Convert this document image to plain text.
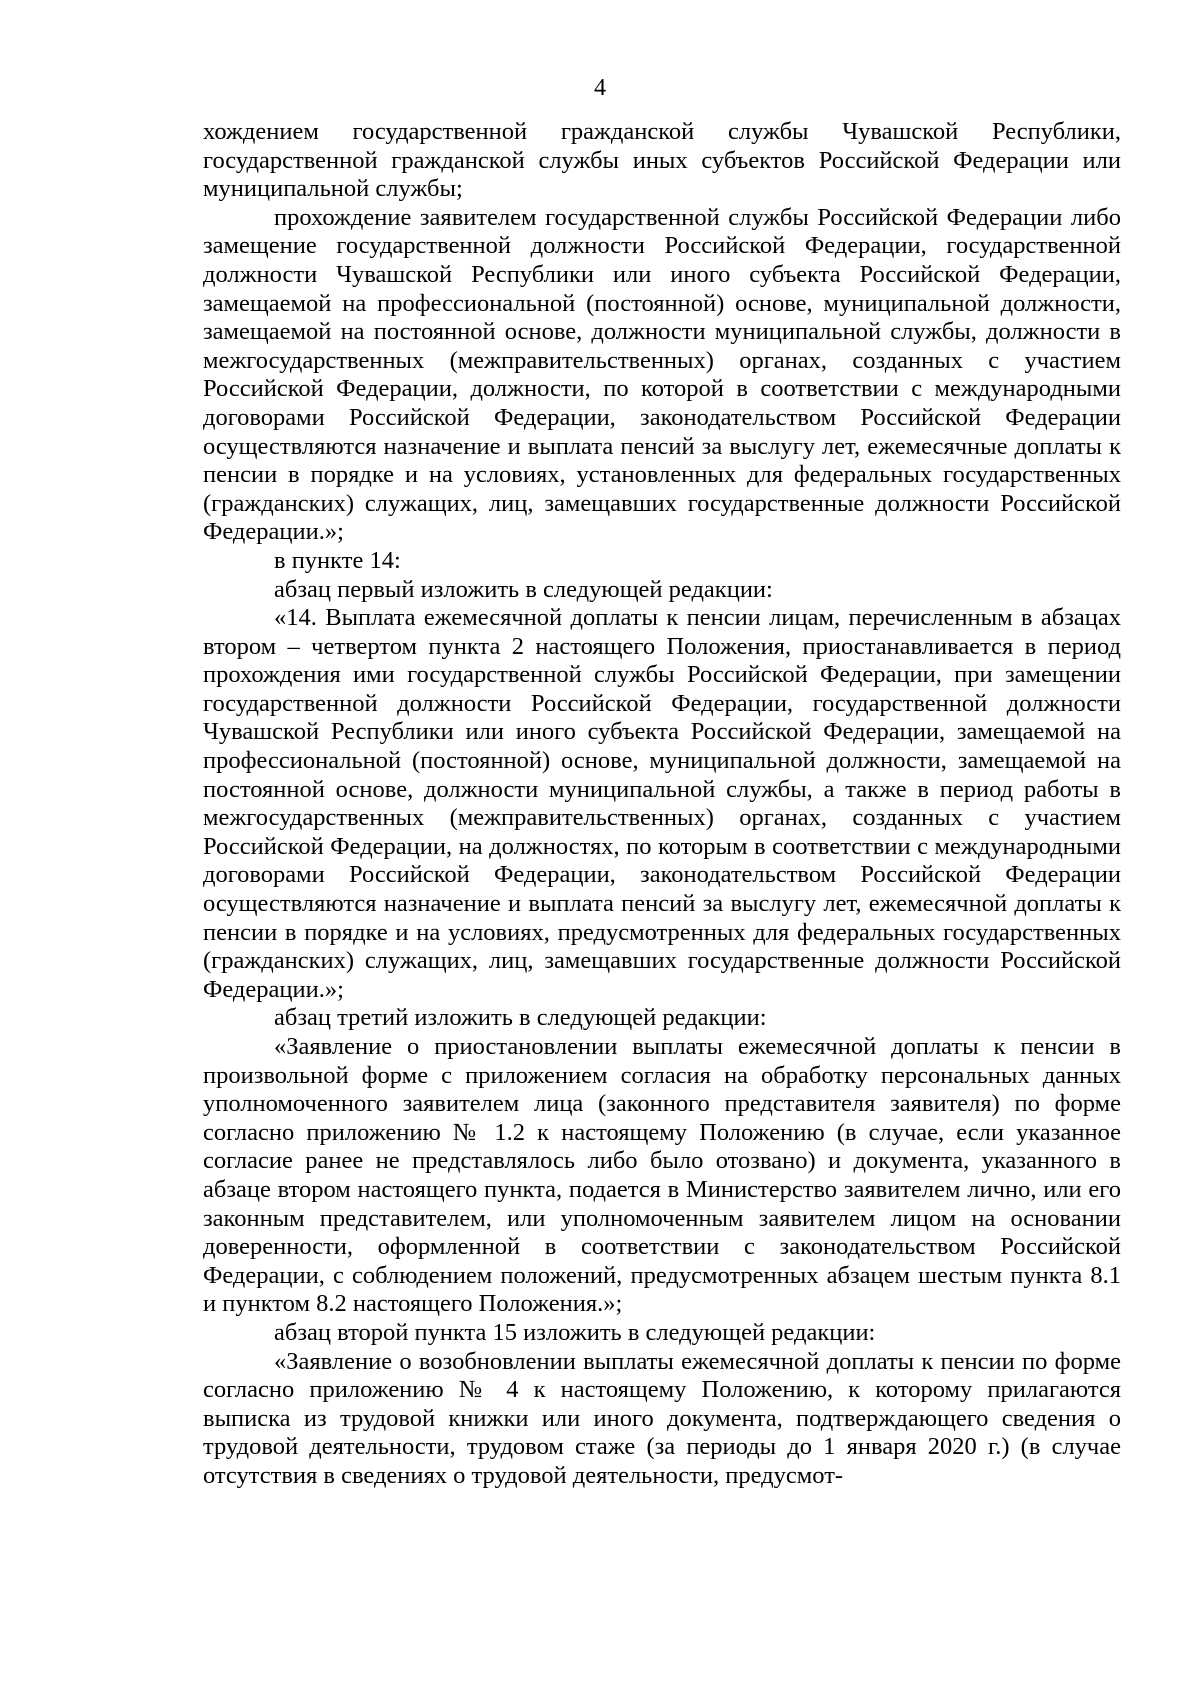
4

хождением государственной гражданской службы Чувашской Республики, государственной гражданской службы иных субъектов Российской Федерации или муниципальной службы;

прохождение заявителем государственной службы Российской Федерации либо замещение государственной должности Российской Федерации, государственной должности Чувашской Республики или иного субъекта Российской Федерации, замещаемой на профессиональной (постоянной) основе, муниципальной должности, замещаемой на постоянной основе, должности муниципальной службы, должности в межгосударственных (межправительственных) органах, созданных с участием Российской Федерации, должности, по которой в соответствии с международными договорами Российской Федерации, законодательством Российской Федерации осуществляются назначение и выплата пенсий за выслугу лет, ежемесячные доплаты к пенсии в порядке и на условиях, установленных для федеральных государственных (гражданских) служащих, лиц, замещавших государственные должности Российской Федерации.»;

в пункте 14:

абзац первый изложить в следующей редакции:

«14. Выплата ежемесячной доплаты к пенсии лицам, перечисленным в абзацах втором – четвертом пункта 2 настоящего Положения, приостанавливается в период прохождения ими государственной службы Российской Федерации, при замещении государственной должности Российской Федерации, государственной должности Чувашской Республики или иного субъекта Российской Федерации, замещаемой на профессиональной (постоянной) основе, муниципальной должности, замещаемой на постоянной основе, должности муниципальной службы, а также в период работы в межгосударственных (межправительственных) органах, созданных с участием Российской Федерации, на должностях, по которым в соответствии с международными договорами Российской Федерации, законодательством Российской Федерации осуществляются назначение и выплата пенсий за выслугу лет, ежемесячной доплаты к пенсии в порядке и на условиях, предусмотренных для федеральных государственных (гражданских) служащих, лиц, замещавших государственные должности Российской Федерации.»;

абзац третий изложить в следующей редакции:

«Заявление о приостановлении выплаты ежемесячной доплаты к пенсии в произвольной форме с приложением согласия на обработку персональных данных уполномоченного заявителем лица (законного представителя заявителя) по форме согласно приложению № 1.2 к настоящему Положению (в случае, если указанное согласие ранее не представлялось либо было отозвано) и документа, указанного в абзаце втором настоящего пункта, подается в Министерство заявителем лично, или его законным представителем, или уполномоченным заявителем лицом на основании доверенности, оформленной в соответствии с законодательством Российской Федерации, с соблюдением положений, предусмотренных абзацем шестым пункта 8.1 и пунктом 8.2 настоящего Положения.»;

абзац второй пункта 15 изложить в следующей редакции:

«Заявление о возобновлении выплаты ежемесячной доплаты к пенсии по форме согласно приложению № 4 к настоящему Положению, к которому прилагаются выписка из трудовой книжки или иного документа, подтверждающего сведения о трудовой деятельности, трудовом стаже (за периоды до 1 января 2020 г.) (в случае отсутствия в сведениях о трудовой деятельности, предусмот-
